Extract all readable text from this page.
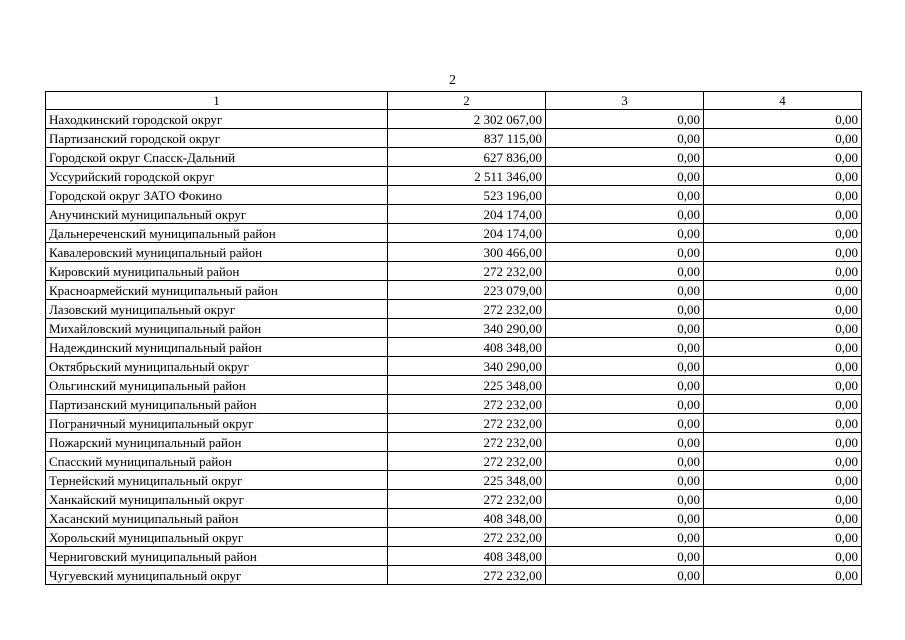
2
1	2	3	4
Находкинский городской округ	2 302 067,00	0,00	0,00
Партизанский городской округ	837 115,00	0,00	0,00
Городской округ Спасск-Дальний	627 836,00	0,00	0,00
Уссурийский городской округ	2 511 346,00	0,00	0,00
Городской округ ЗАТО Фокино	523 196,00	0,00	0,00
Анучинский муниципальный округ	204 174,00	0,00	0,00
Дальнереченский муниципальный район	204 174,00	0,00	0,00
Кавалеровский муниципальный район	300 466,00	0,00	0,00
Кировский муниципальный район	272 232,00	0,00	0,00
Красноармейский муниципальный район	223 079,00	0,00	0,00
Лазовский муниципальный округ	272 232,00	0,00	0,00
Михайловский муниципальный район	340 290,00	0,00	0,00
Надеждинский муниципальный район	408 348,00	0,00	0,00
Октябрьский муниципальный округ	340 290,00	0,00	0,00
Ольгинский муниципальный район	225 348,00	0,00	0,00
Партизанский муниципальный район	272 232,00	0,00	0,00
Пограничный муниципальный округ	272 232,00	0,00	0,00
Пожарский муниципальный район	272 232,00	0,00	0,00
Спасский муниципальный район	272 232,00	0,00	0,00
Тернейский муниципальный округ	225 348,00	0,00	0,00
Ханкайский муниципальный округ	272 232,00	0,00	0,00
Хасанский муниципальный район	408 348,00	0,00	0,00
Хорольский муниципальный округ	272 232,00	0,00	0,00
Черниговский муниципальный район	408 348,00	0,00	0,00
Чугуевский муниципальный округ	272 232,00	0,00	0,00
